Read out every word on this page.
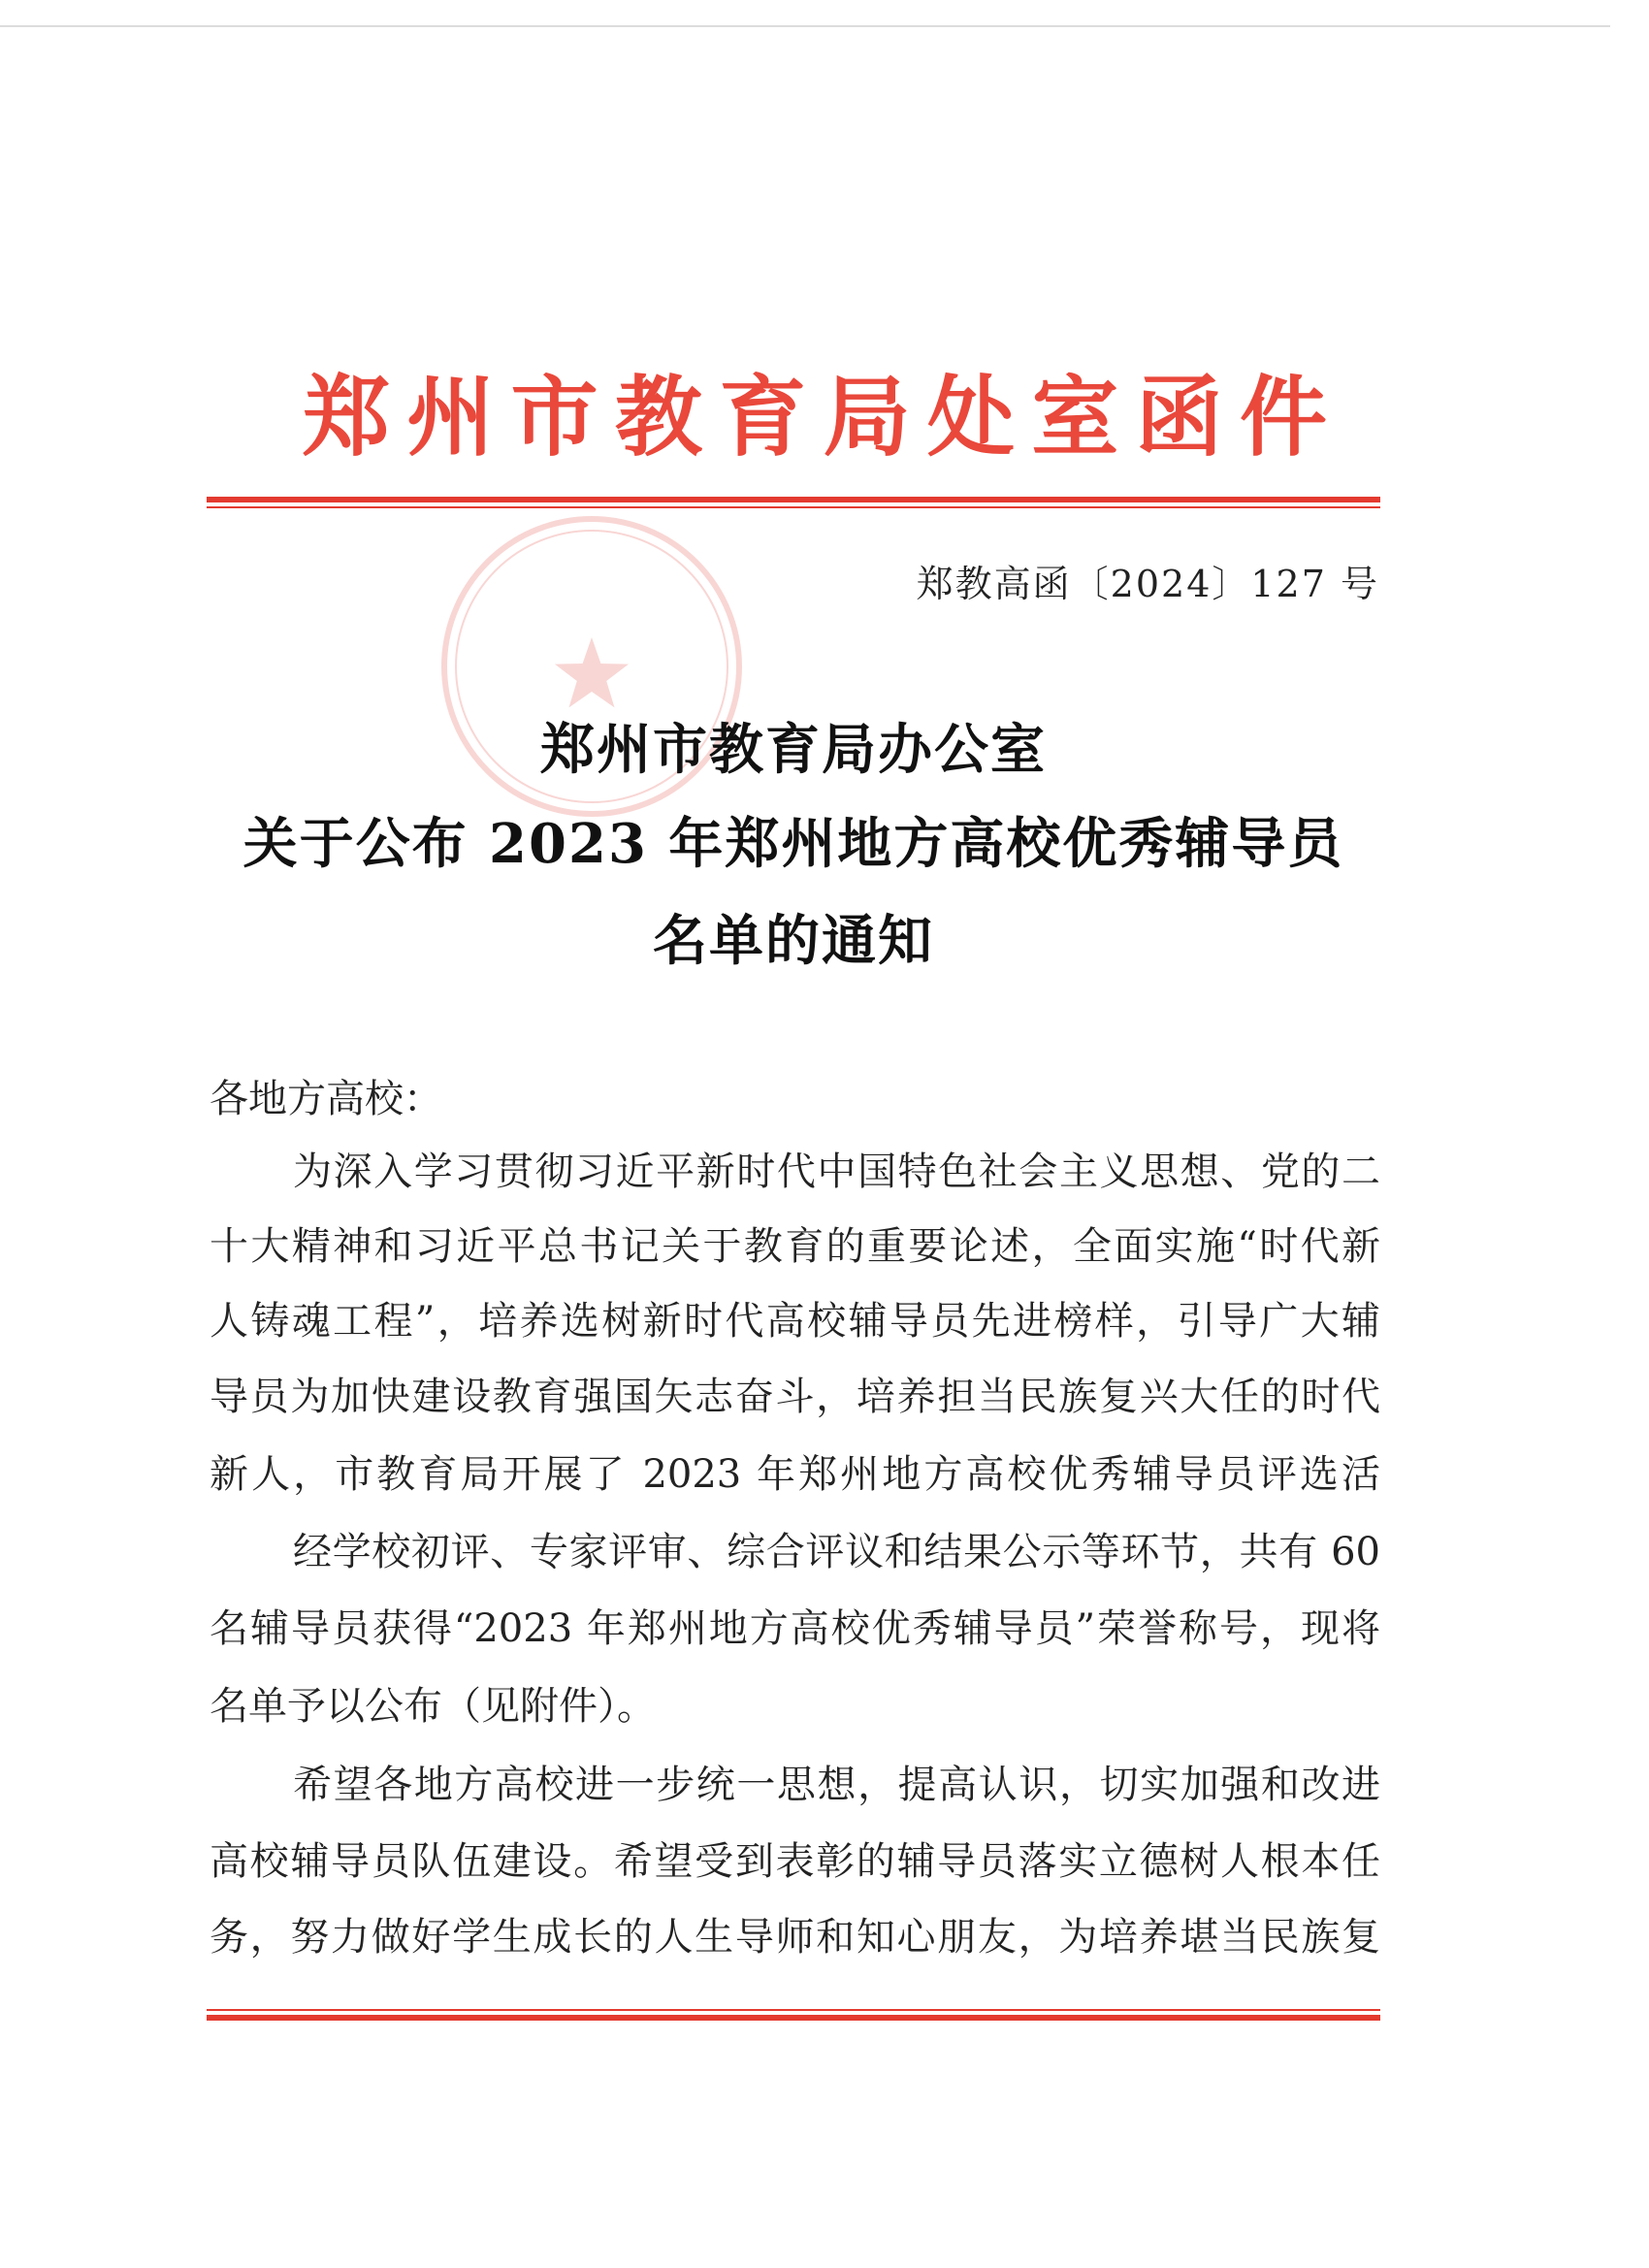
郑州市教育局处室函件
郑教高函〔2024〕127 号
郑州市教育局办公室
关于公布 2023 年郑州地方高校优秀辅导员
名单的通知
各地方高校：
为深入学习贯彻习近平新时代中国特色社会主义思想、党的二
十大精神和习近平总书记关于教育的重要论述，全面实施“时代新
人铸魂工程”，培养选树新时代高校辅导员先进榜样，引导广大辅
导员为加快建设教育强国矢志奋斗，培养担当民族复兴大任的时代
新人，市教育局开展了 2023 年郑州地方高校优秀辅导员评选活
经学校初评、专家评审、综合评议和结果公示等环节，共有 60
名辅导员获得“2023 年郑州地方高校优秀辅导员”荣誉称号，现将
名单予以公布（见附件）。
希望各地方高校进一步统一思想，提高认识，切实加强和改进
高校辅导员队伍建设。希望受到表彰的辅导员落实立德树人根本任
务，努力做好学生成长的人生导师和知心朋友，为培养堪当民族复
